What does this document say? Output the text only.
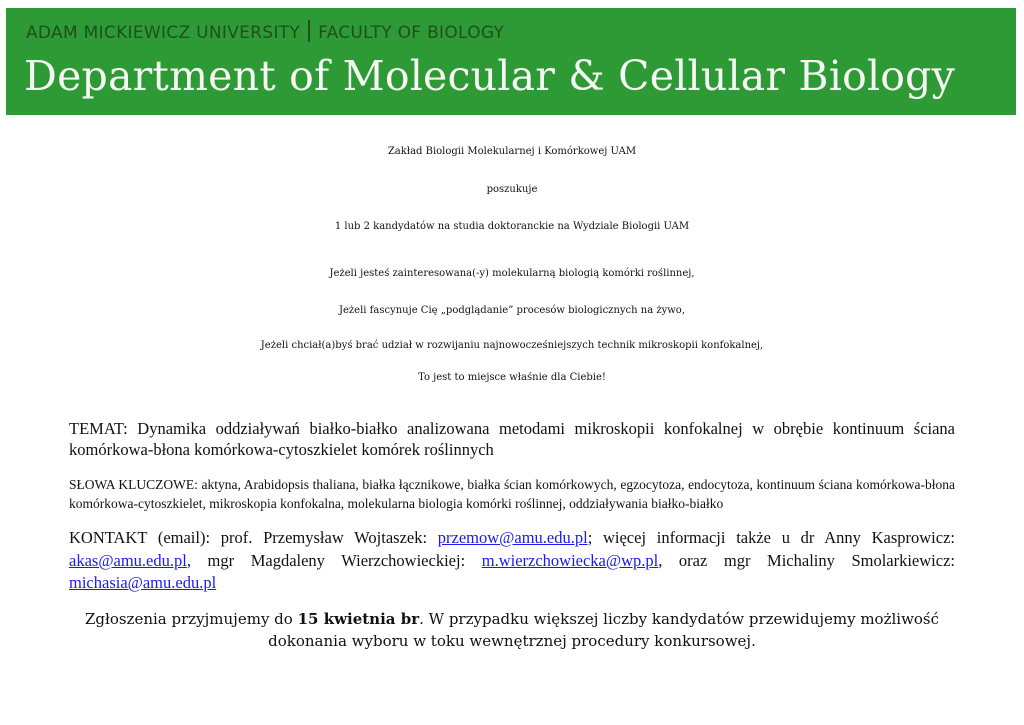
ADAM MICKIEWICZ UNIVERSITY FACULTY OF BIOLOGY
Department of Molecular & Cellular Biology
Zakład Biologii Molekularnej i Komórkowej UAM
poszukuje
1 lub 2 kandydatów na studia doktoranckie na Wydziale Biologii UAM
Jeżeli jesteś zainteresowana(-y) molekularną biologią komórki roślinnej,
Jeżeli fascynuje Cię „podglądanie” procesów biologicznych na żywo,
Jeżeli chciał(a)byś brać udział w rozwijaniu najnowocześniejszych technik mikroskopii konfokalnej,
To jest to miejsce właśnie dla Ciebie!
TEMAT: Dynamika oddziaływań białko-białko analizowana metodami mikroskopii konfokalnej w obrębie kontinuum ściana komórkowa-błona komórkowa-cytoszkielet komórek roślinnych
SŁOWA KLUCZOWE: aktyna, Arabidopsis thaliana, białka łącznikowe, białka ścian komórkowych, egzocytoza, endocytoza, kontinuum ściana komórkowa-błona komórkowa-cytoszkielet, mikroskopia konfokalna, molekularna biologia komórki roślinnej, oddziaływania białko-białko
KONTAKT (email): prof. Przemysław Wojtaszek: przemow@amu.edu.pl; więcej informacji także u dr Anny Kasprowicz: akas@amu.edu.pl, mgr Magdaleny Wierzchowieckiej: m.wierzchowiecka@wp.pl, oraz mgr Michaliny Smolarkiewicz: michasia@amu.edu.pl
Zgłoszenia przyjmujemy do 15 kwietnia br. W przypadku większej liczby kandydatów przewidujemy możliwość
dokonania wyboru w toku wewnętrznej procedury konkursowej.
